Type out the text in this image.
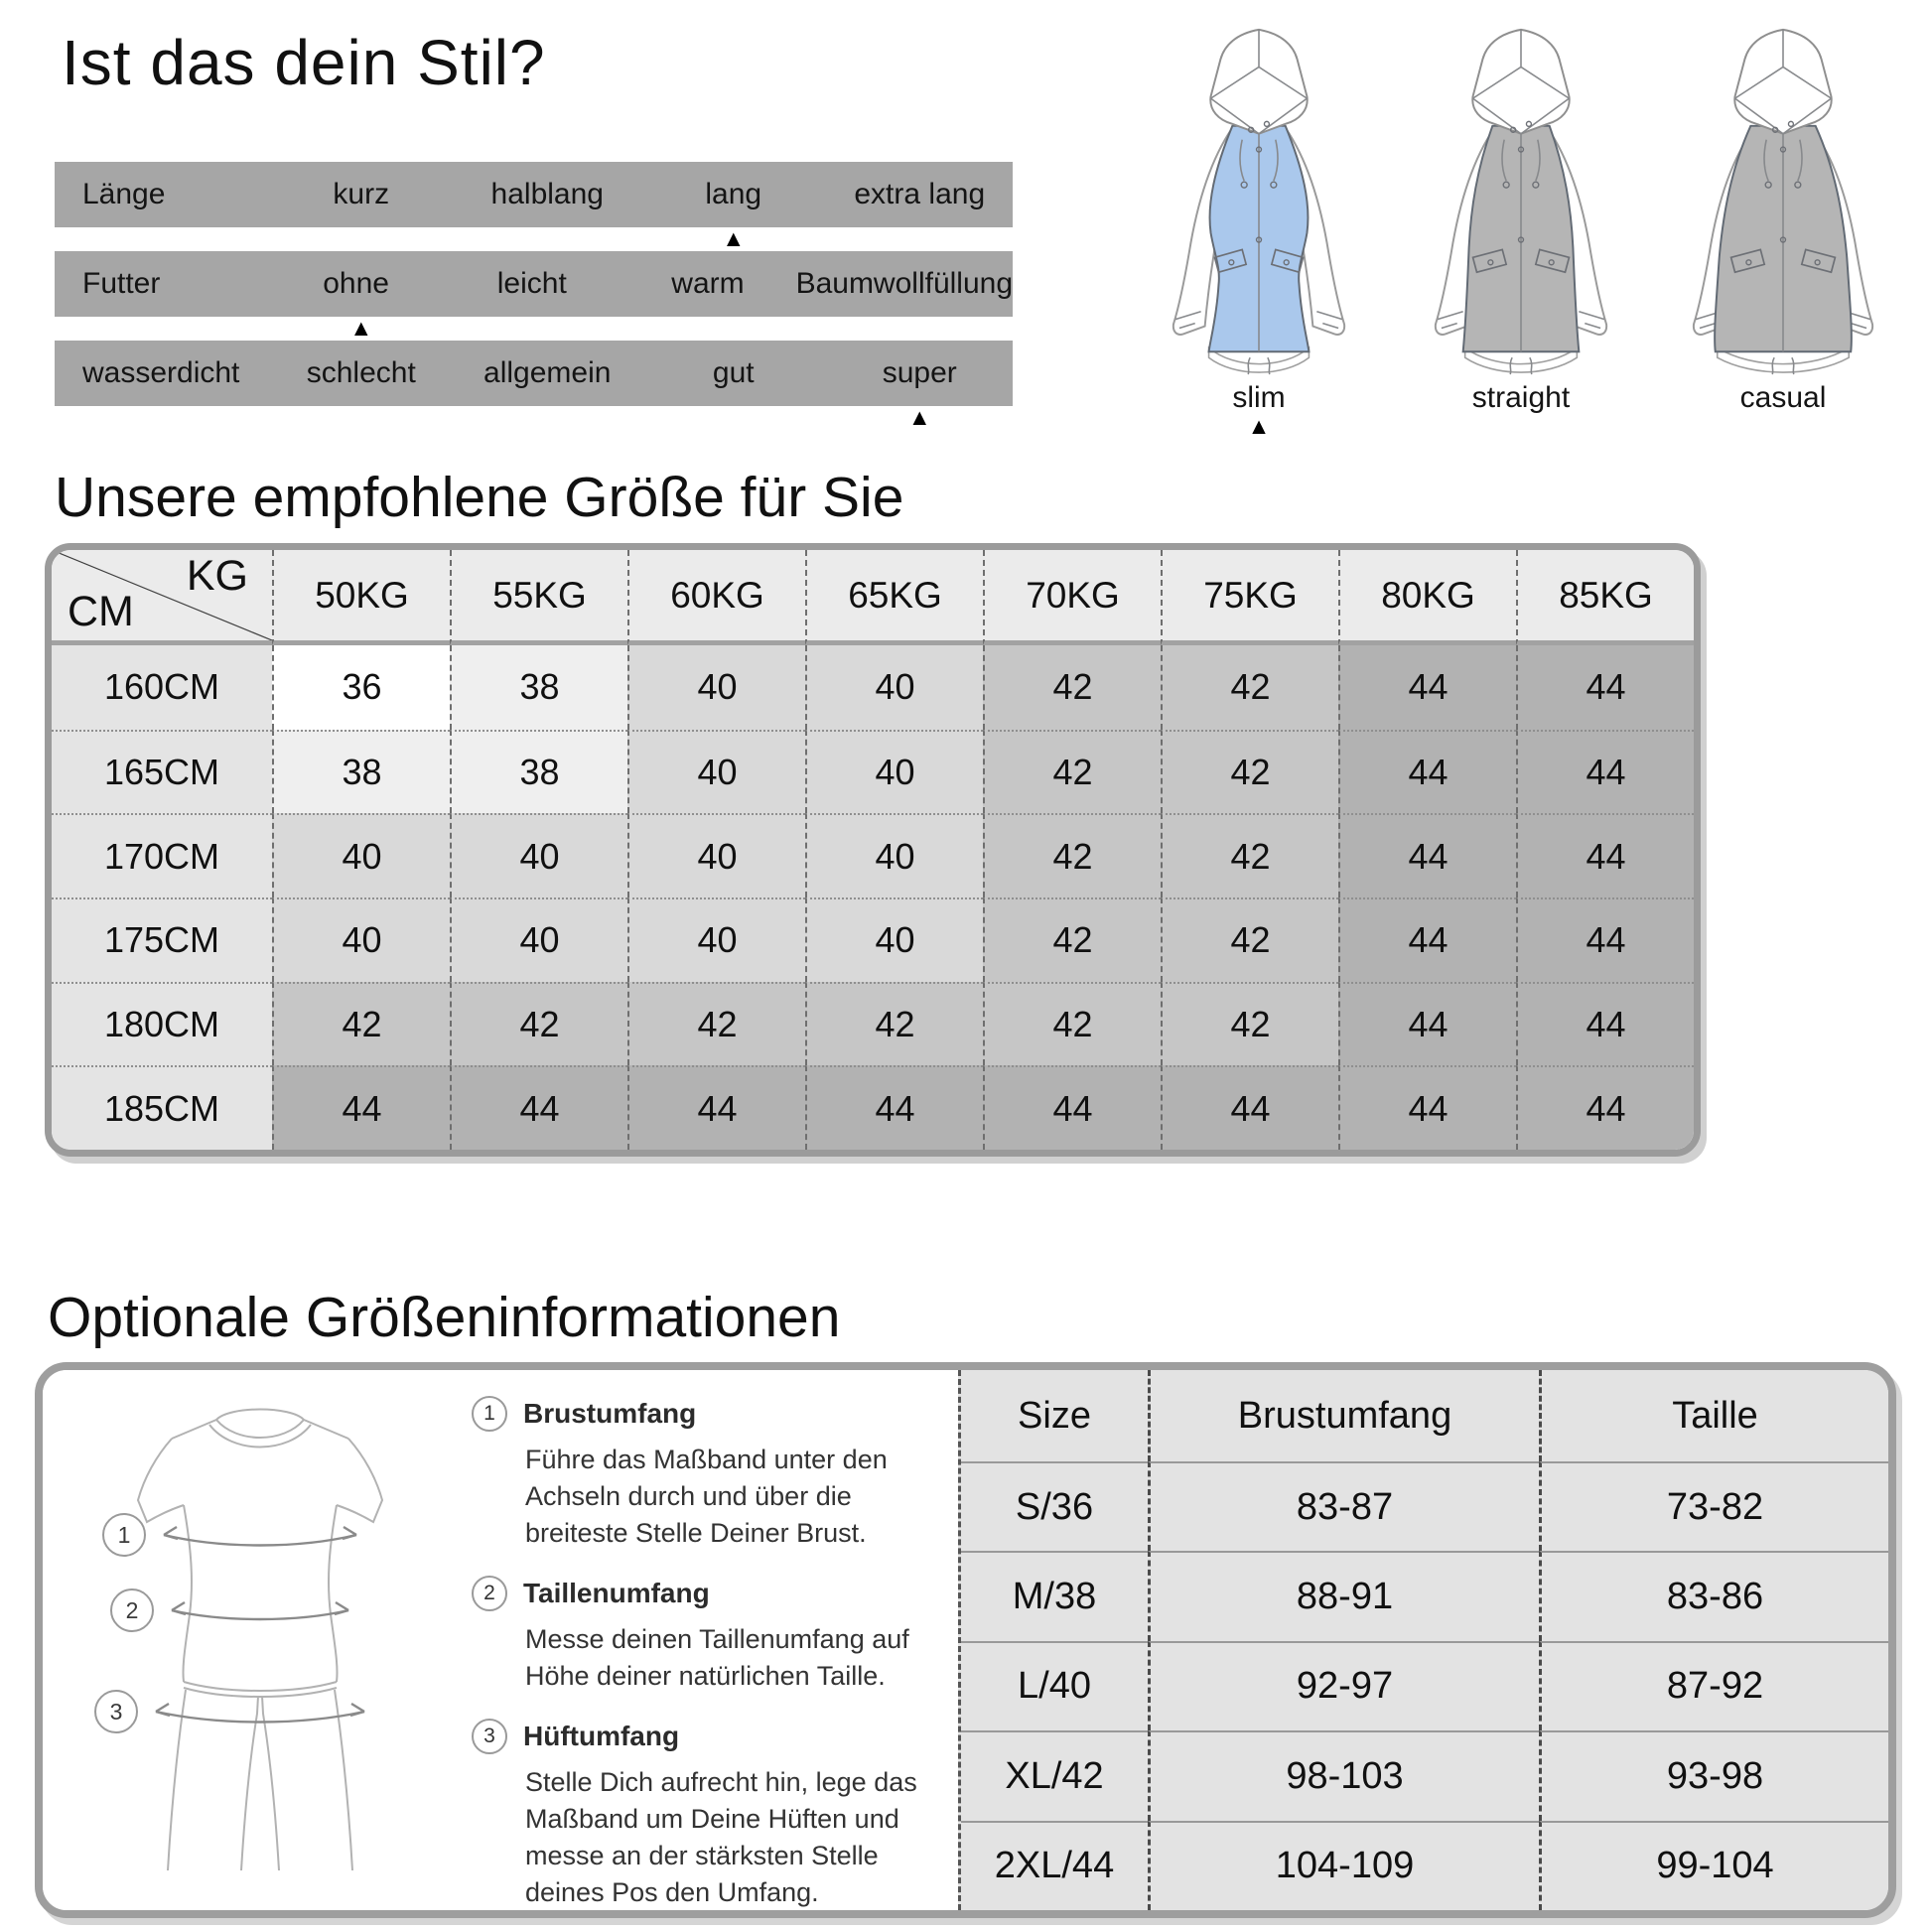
Ist das dein Stil?
Länge	kurz	halblang	lang	extra lang
▲
Futter	ohne	leicht	warm	Baumwollfüllung
▲
wasserdicht	schlecht	allgemein	gut	super
▲
slim
▲
straight	casual
Unsere empfohlene Größe für Sie
KG
CM	50KG	55KG	60KG	65KG	70KG	75KG	80KG	85KG
160CM	36	38	40	40	42	42	44	44
165CM	38	38	40	40	42	42	44	44
170CM	40	40	40	40	42	42	44	44
175CM	40	40	40	40	42	42	44	44
180CM	42	42	42	42	42	42	44	44
185CM	44	44	44	44	44	44	44	44
Optionale Größeninformationen
1
2
3
1	Brustumfang

Führe das Maßband unter den Achseln durch und über die breiteste Stelle Deiner Brust.

2	Taillenumfang

Messe deinen Taillenumfang auf Höhe deiner natürlichen Taille.

3	Hüftumfang

Stelle Dich aufrecht hin, lege das Maßband um Deine Hüften und messe an der stärksten Stelle deines Pos den Umfang.

Size	Brustumfang	Taille
S/36	83-87	73-82
M/38	88-91	83-86
L/40	92-97	87-92
XL/42	98-103	93-98
2XL/44	104-109	99-104
